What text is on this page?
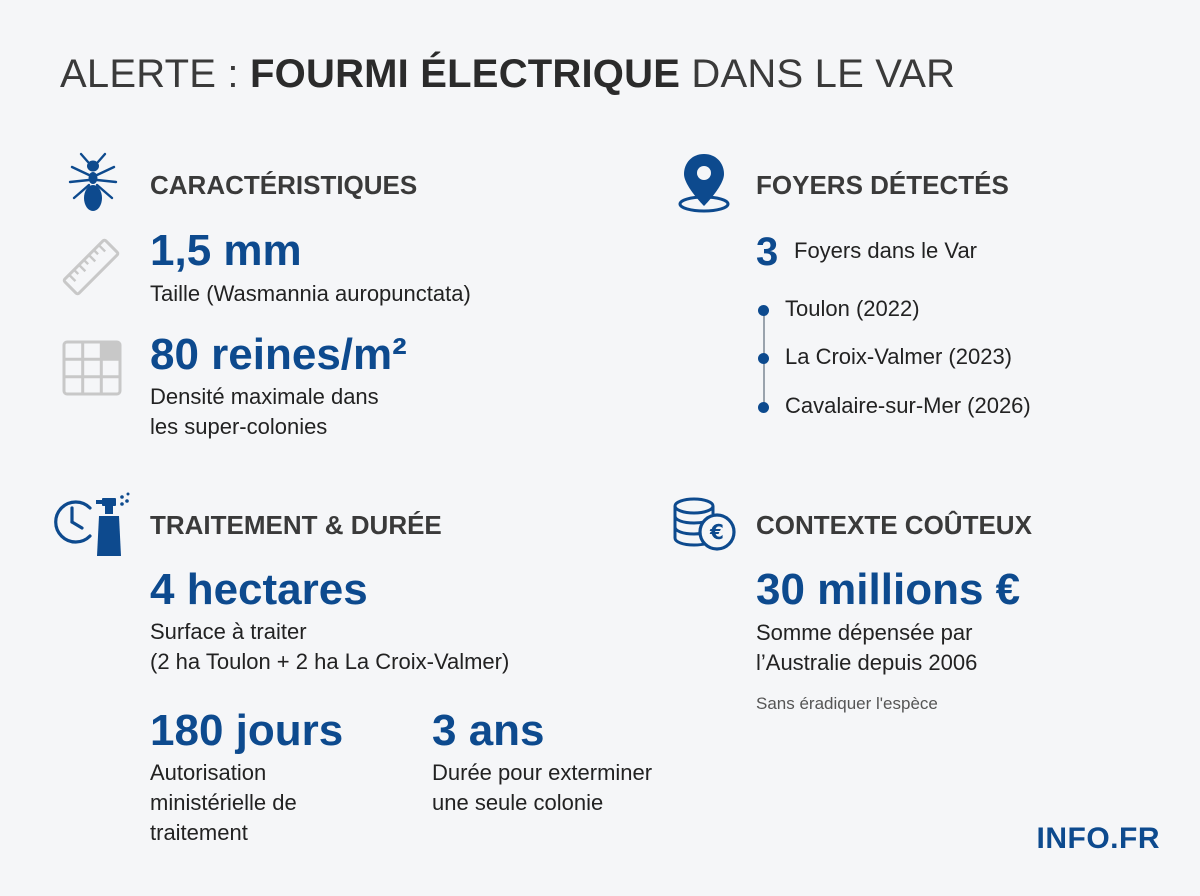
ALERTE : FOURMI ÉLECTRIQUE DANS LE VAR
CARACTÉRISTIQUES
1,5 mm
Taille (Wasmannia auropunctata)
80 reines/m²
Densité maximale dans
les super-colonies
FOYERS DÉTECTÉS
3 Foyers dans le Var
Toulon (2022)
La Croix-Valmer (2023)
Cavalaire-sur-Mer (2026)
TRAITEMENT & DURÉE
4 hectares
Surface à traiter
(2 ha Toulon + 2 ha La Croix-Valmer)
180 jours
Autorisation
ministérielle de
traitement
3 ans
Durée pour exterminer
une seule colonie
€ CONTEXTE COÛTEUX
30 millions €
Somme dépensée par
l’Australie depuis 2006
Sans éradiquer l'espèce
INFO.FR
